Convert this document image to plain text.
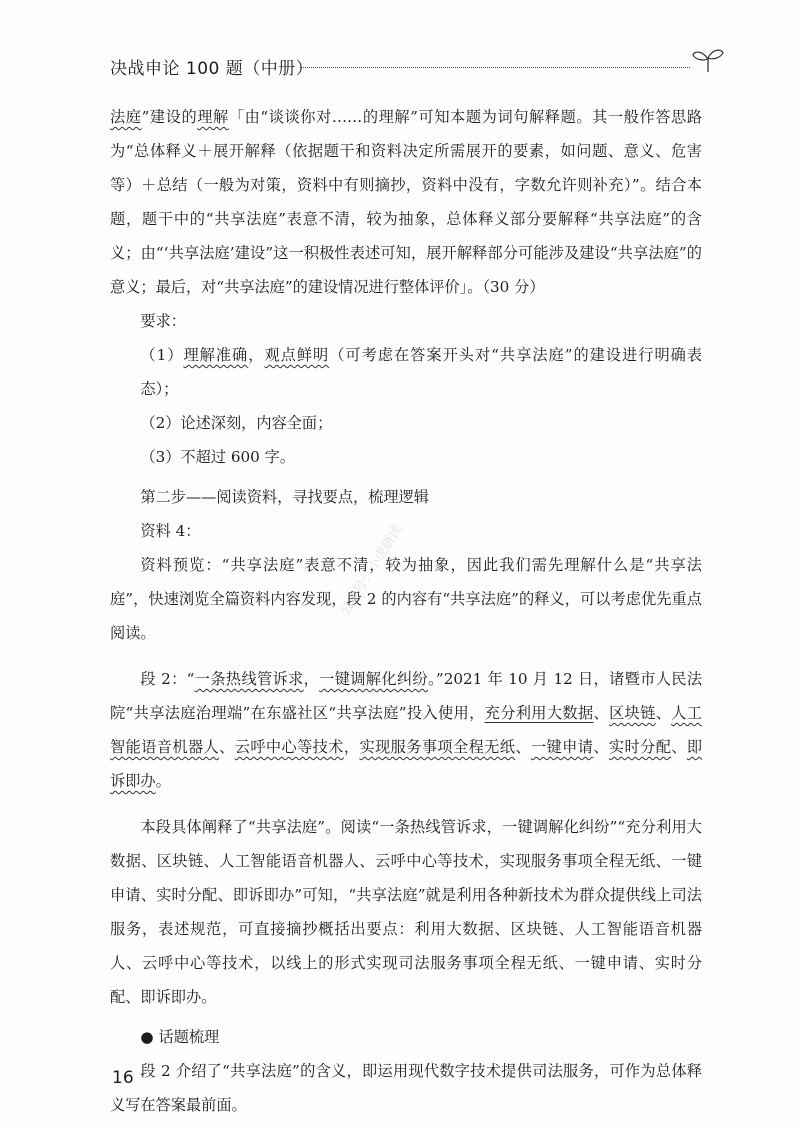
决战申论 100 题（中册）

法庭”建设的理解「由“谈谈你对……的理解”可知本题为词句解释题。其一般作答思路为“总体释义＋展开解释（依据题干和资料决定所需展开的要素，如问题、意义、危害等）＋总结（一般为对策，资料中有则摘抄，资料中没有，字数允许则补充）”。结合本题，题干中的“共享法庭”表意不清，较为抽象，总体释义部分要解释“共享法庭”的含义；由“‘共享法庭’建设”这一积极性表述可知，展开解释部分可能涉及建设“共享法庭”的意义；最后，对“共享法庭”的建设情况进行整体评价」。（30 分）

要求：

（1）理解准确，观点鲜明（可考虑在答案开头对“共享法庭”的建设进行明确表态）；

（2）论述深刻，内容全面；

（3）不超过 600 字。

第二步——阅读资料，寻找要点，梳理逻辑

资料 4：

资料预览：“共享法庭”表意不清，较为抽象，因此我们需先理解什么是“共享法庭”，快速浏览全篇资料内容发现，段 2 的内容有“共享法庭”的释义，可以考虑优先重点阅读。

段 2：“一条热线管诉求，一键调解化纠纷。”2021 年 10 月 12 日，诸暨市人民法院“共享法庭治理端”在东盛社区“共享法庭”投入使用，充分利用大数据、区块链、人工智能语音机器人、云呼中心等技术，实现服务事项全程无纸、一键申请、实时分配、即诉即办。

本段具体阐释了“共享法庭”。阅读“一条热线管诉求，一键调解化纠纷”“充分利用大数据、区块链、人工智能语音机器人、云呼中心等技术，实现服务事项全程无纸、一键申请、实时分配、即诉即办”可知，“共享法庭”就是利用各种新技术为群众提供线上司法服务，表述规范，可直接摘抄概括出要点：利用大数据、区块链、人工智能语音机器人、云呼中心等技术，以线上的形式实现司法服务事项全程无纸、一键申请、实时分配、即诉即办。

● 话题梳理

段 2 介绍了“共享法庭”的含义，即运用现代数字技术提供司法服务，可作为总体释义写在答案最前面。

公众号：小虎研读
16
